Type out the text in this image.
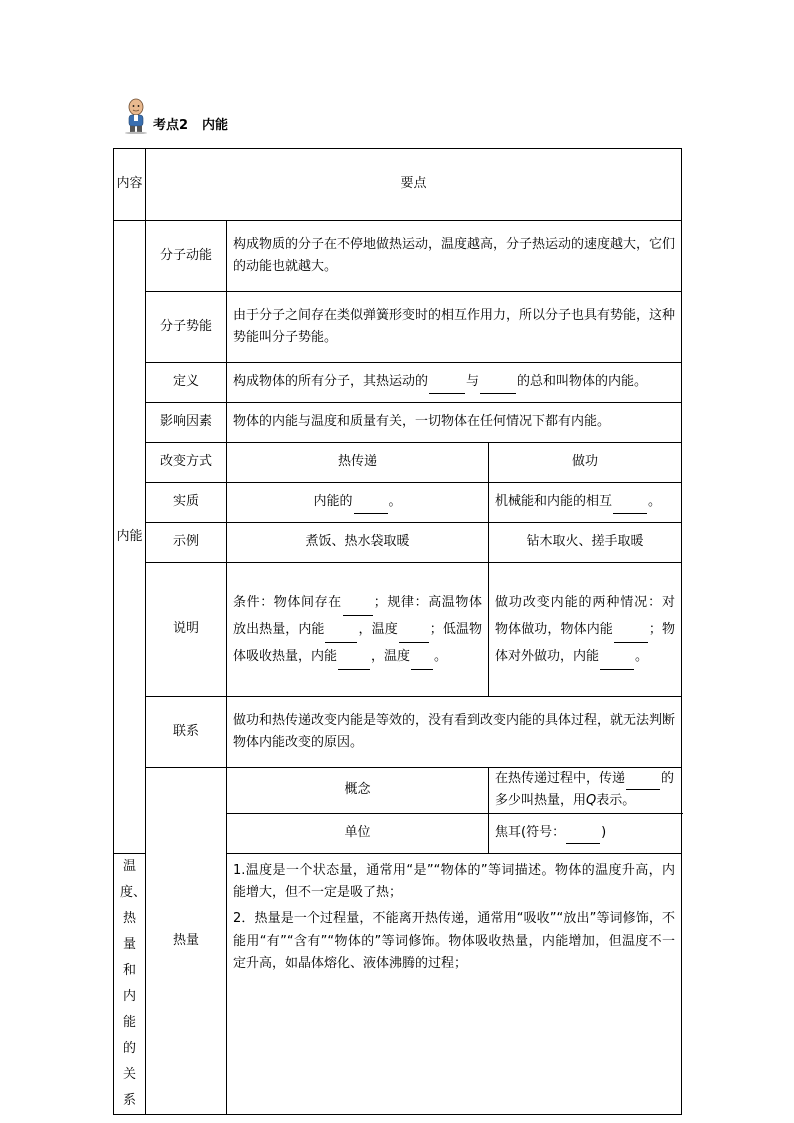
考点2 内能
内容	要点		
内能	分子动能	构成物质的分子在不停地做热运动，温度越高，分子热运动的速度越大，它们的动能也就越大。	
	分子势能	由于分子之间存在类似弹簧形变时的相互作用力，所以分子也具有势能，这种势能叫分子势能。	
	定义	构成物体的所有分子，其热运动的 与 的总和叫物体的内能。	
	影响因素	物体的内能与温度和质量有关，一切物体在任何情况下都有内能。	
	改变方式	热传递	做功
	实质	内能的 。	机械能和内能的相互 。
	示例	煮饭、热水袋取暖	钻木取火、搓手取暖
	说明	条件：物体间存在 ；规律：高温物体放出热量，内能 ，温度 ；低温物体吸收热量，内能 ，温度 。	做功改变内能的两种情况：对物体做功，物体内能 ；物体对外做功，内能 。
	联系	做功和热传递改变内能是等效的，没有看到改变内能的具体过程，就无法判断物体内能改变的原因。	
	热量	概念	在热传递过程中，传递 的多少叫热量，用Q表示。
		单位	焦耳(符号： )
温度、热量和内能的关系		1.温度是一个状态量，通常用“是”“物体的”等词描述。物体的温度升高，内能增大，但不一定是吸了热；

2．热量是一个过程量，不能离开热传递，通常用“吸收”“放出”等词修饰，不能用“有”“含有”“物体的”等词修饰。物体吸收热量，内能增加，但温度不一定升高，如晶体熔化、液体沸腾的过程；	
